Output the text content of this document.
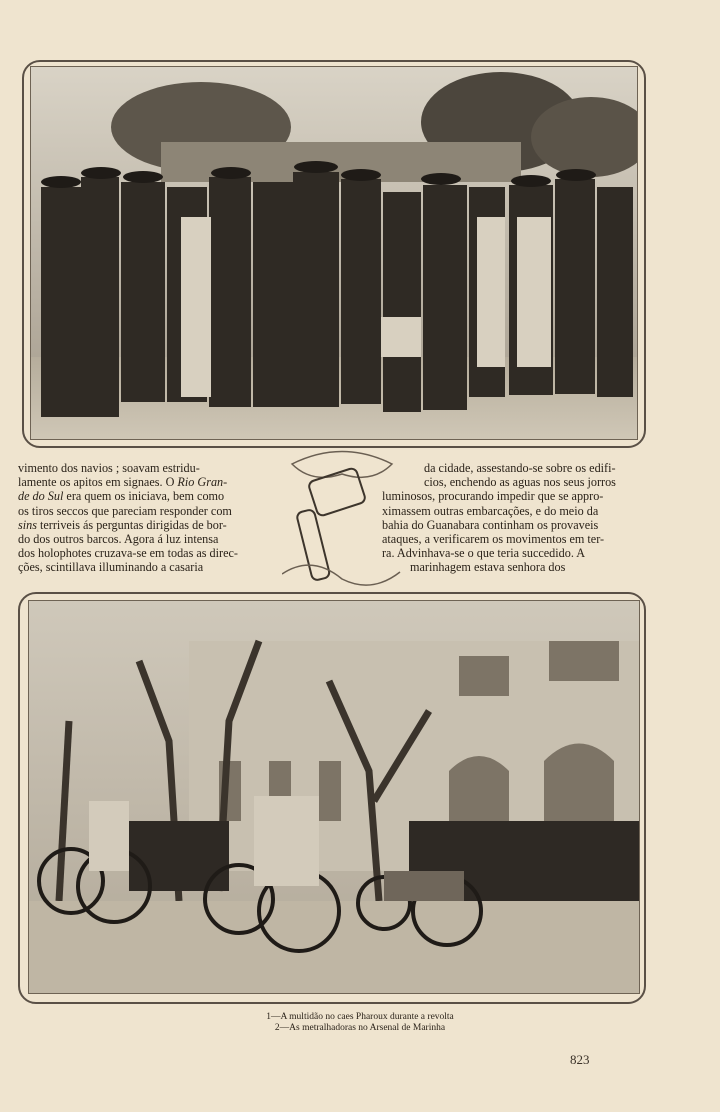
vimento dos navios ; soavam estridu-
lamente os apitos em signaes. O Rio Gran-
de do Sul era quem os iniciava, bem como
os tiros seccos que pareciam responder com
sins terriveis ás perguntas dirigidas de bor-
do dos outros barcos. Agora á luz intensa
dos holophotes cruzava-se em todas as direc-
ções, scintillava illuminando a casaria
da cidade, assestando-se sobre os edifi-
cios, enchendo as aguas nos seus jorros
luminosos, procurando impedir que se appro-
ximassem outras embarcações, e do meio da
bahia do Guanabara continham os provaveis
ataques, a verificarem os movimentos em ter-
ra. Advinhava-se o que teria succedido. A
marinhagem estava senhora dos
1—A multidão no caes Pharoux durante a revolta
2—As metralhadoras no Arsenal de Marinha
823
